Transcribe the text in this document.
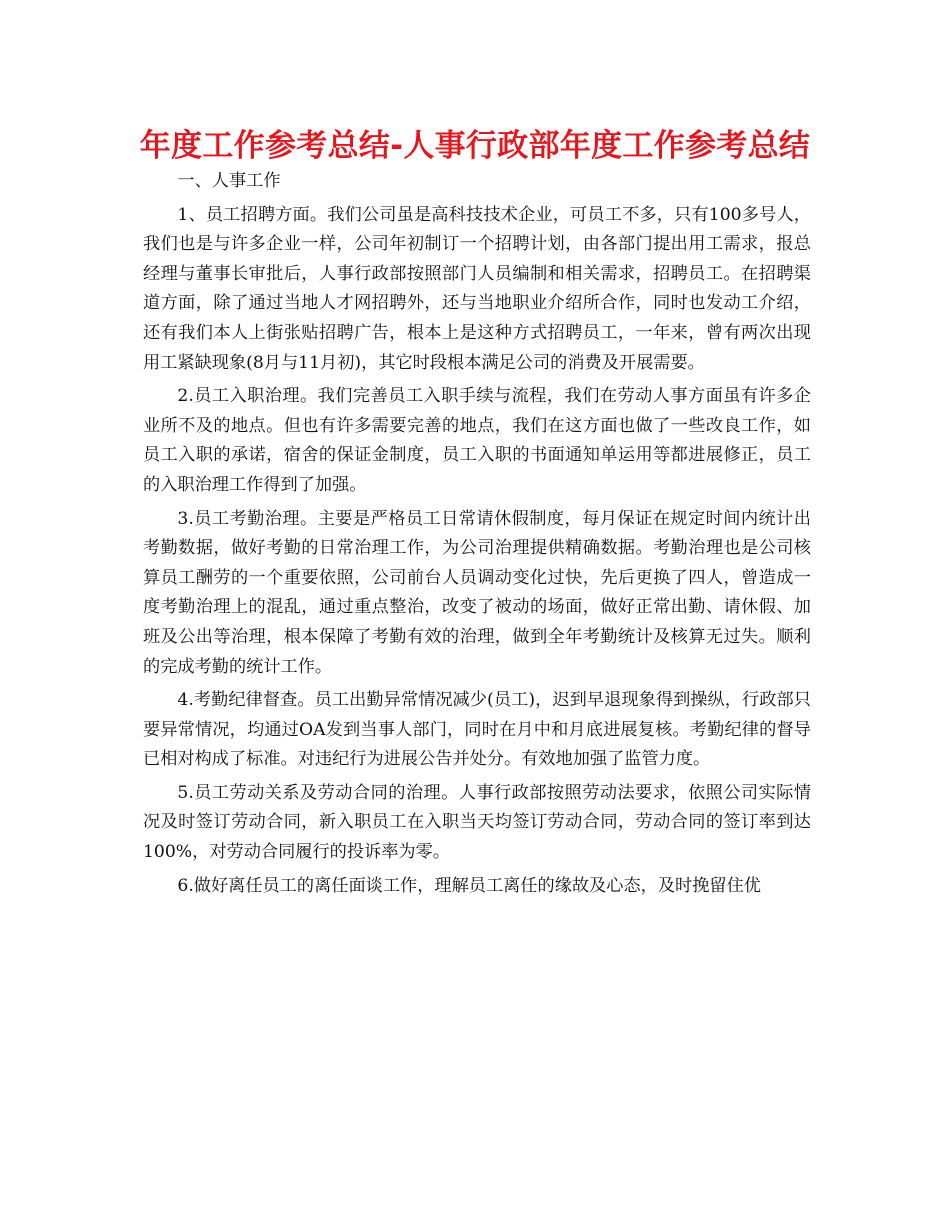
年度工作参考总结-人事行政部年度工作参考总结

一、人事工作

1、员工招聘方面。我们公司虽是高科技技术企业，可员工不多，只有100多号人，我们也是与许多企业一样，公司年初制订一个招聘计划，由各部门提出用工需求，报总经理与董事长审批后，人事行政部按照部门人员编制和相关需求，招聘员工。在招聘渠道方面，除了通过当地人才网招聘外，还与当地职业介绍所合作，同时也发动工介绍，还有我们本人上街张贴招聘广告，根本上是这种方式招聘员工，一年来，曾有两次出现用工紧缺现象(8月与11月初)，其它时段根本满足公司的消费及开展需要。

2.员工入职治理。我们完善员工入职手续与流程，我们在劳动人事方面虽有许多企业所不及的地点。但也有许多需要完善的地点，我们在这方面也做了一些改良工作，如员工入职的承诺，宿舍的保证金制度，员工入职的书面通知单运用等都进展修正，员工的入职治理工作得到了加强。

3.员工考勤治理。主要是严格员工日常请休假制度，每月保证在规定时间内统计出考勤数据，做好考勤的日常治理工作，为公司治理提供精确数据。考勤治理也是公司核算员工酬劳的一个重要依照，公司前台人员调动变化过快，先后更换了四人，曾造成一度考勤治理上的混乱，通过重点整治，改变了被动的场面，做好正常出勤、请休假、加班及公出等治理，根本保障了考勤有效的治理，做到全年考勤统计及核算无过失。顺利的完成考勤的统计工作。

4.考勤纪律督查。员工出勤异常情况减少(员工)，迟到早退现象得到操纵，行政部只要异常情况，均通过OA发到当事人部门，同时在月中和月底进展复核。考勤纪律的督导已相对构成了标准。对违纪行为进展公告并处分。有效地加强了监管力度。

5.员工劳动关系及劳动合同的治理。人事行政部按照劳动法要求，依照公司实际情况及时签订劳动合同，新入职员工在入职当天均签订劳动合同，劳动合同的签订率到达100%，对劳动合同履行的投诉率为零。

6.做好离任员工的离任面谈工作，理解员工离任的缘故及心态，及时挽留住优
